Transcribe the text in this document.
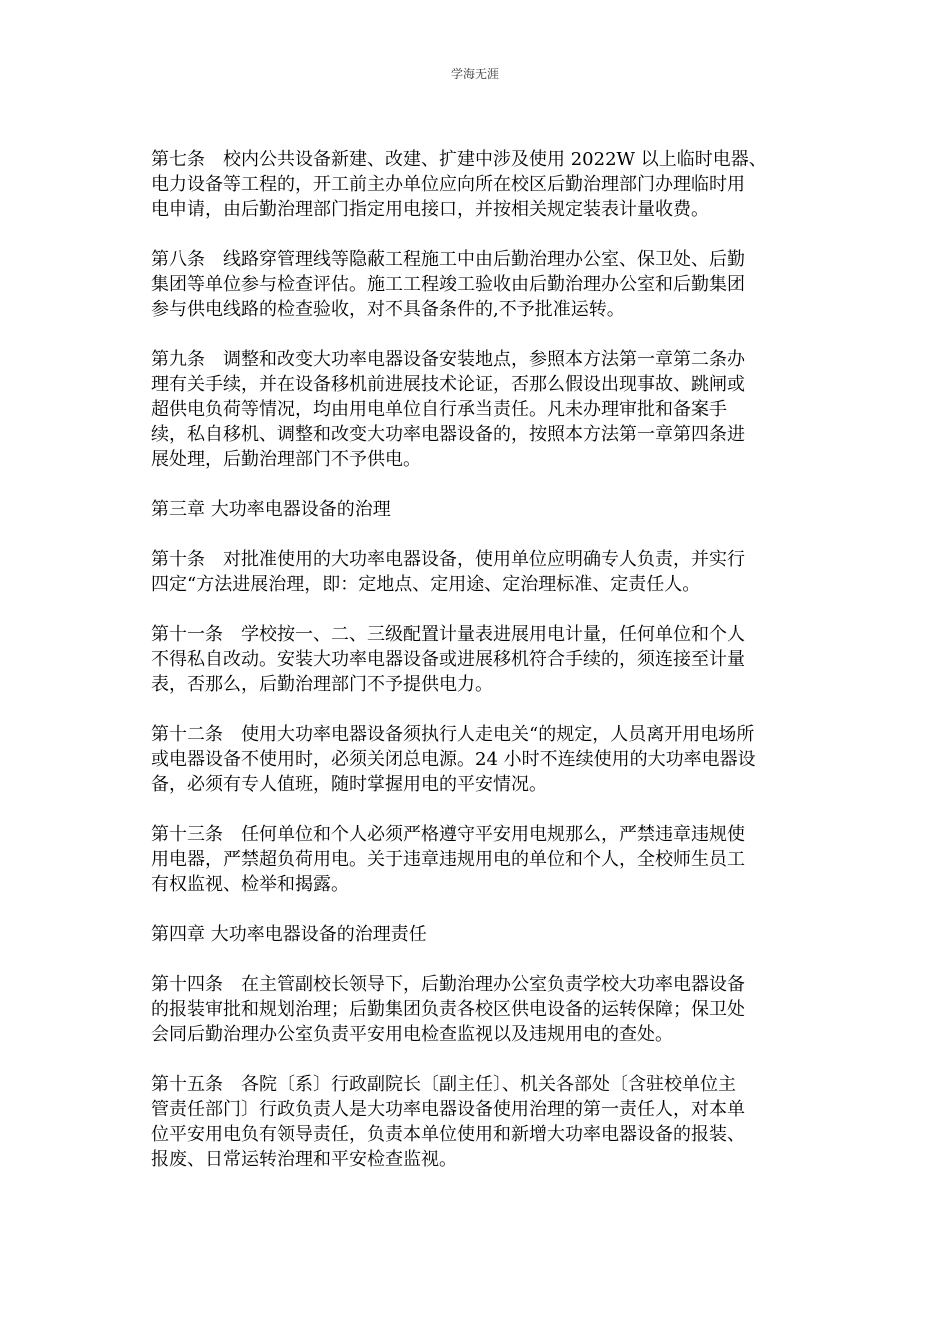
学海无涯
第七条　校内公共设备新建、改建、扩建中涉及使用 2022W 以上临时电器、
电力设备等工程的，开工前主办单位应向所在校区后勤治理部门办理临时用
电申请，由后勤治理部门指定用电接口，并按相关规定装表计量收费。
第八条　线路穿管理线等隐蔽工程施工中由后勤治理办公室、保卫处、后勤
集团等单位参与检查评估。施工工程竣工验收由后勤治理办公室和后勤集团
参与供电线路的检查验收，对不具备条件的,不予批准运转。
第九条　调整和改变大功率电器设备安装地点，参照本方法第一章第二条办
理有关手续，并在设备移机前进展技术论证，否那么假设出现事故、跳闸或
超供电负荷等情况，均由用电单位自行承当责任。凡未办理审批和备案手
续，私自移机、调整和改变大功率电器设备的，按照本方法第一章第四条进
展处理，后勤治理部门不予供电。
第三章 大功率电器设备的治理
第十条　对批准使用的大功率电器设备，使用单位应明确专人负责，并实行
四定“方法进展治理，即：定地点、定用途、定治理标准、定责任人。
第十一条　学校按一、二、三级配置计量表进展用电计量，任何单位和个人
不得私自改动。安装大功率电器设备或进展移机符合手续的，须连接至计量
表，否那么，后勤治理部门不予提供电力。
第十二条　使用大功率电器设备须执行人走电关“的规定，人员离开用电场所
或电器设备不使用时，必须关闭总电源。24 小时不连续使用的大功率电器设
备，必须有专人值班，随时掌握用电的平安情况。
第十三条　任何单位和个人必须严格遵守平安用电规那么，严禁违章违规使
用电器，严禁超负荷用电。关于违章违规用电的单位和个人，全校师生员工
有权监视、检举和揭露。
第四章 大功率电器设备的治理责任
第十四条　在主管副校长领导下，后勤治理办公室负责学校大功率电器设备
的报装审批和规划治理；后勤集团负责各校区供电设备的运转保障；保卫处
会同后勤治理办公室负责平安用电检查监视以及违规用电的查处。
第十五条　各院〔系〕行政副院长〔副主任〕、机关各部处〔含驻校单位主
管责任部门〕行政负责人是大功率电器设备使用治理的第一责任人，对本单
位平安用电负有领导责任，负责本单位使用和新增大功率电器设备的报装、
报废、日常运转治理和平安检查监视。
